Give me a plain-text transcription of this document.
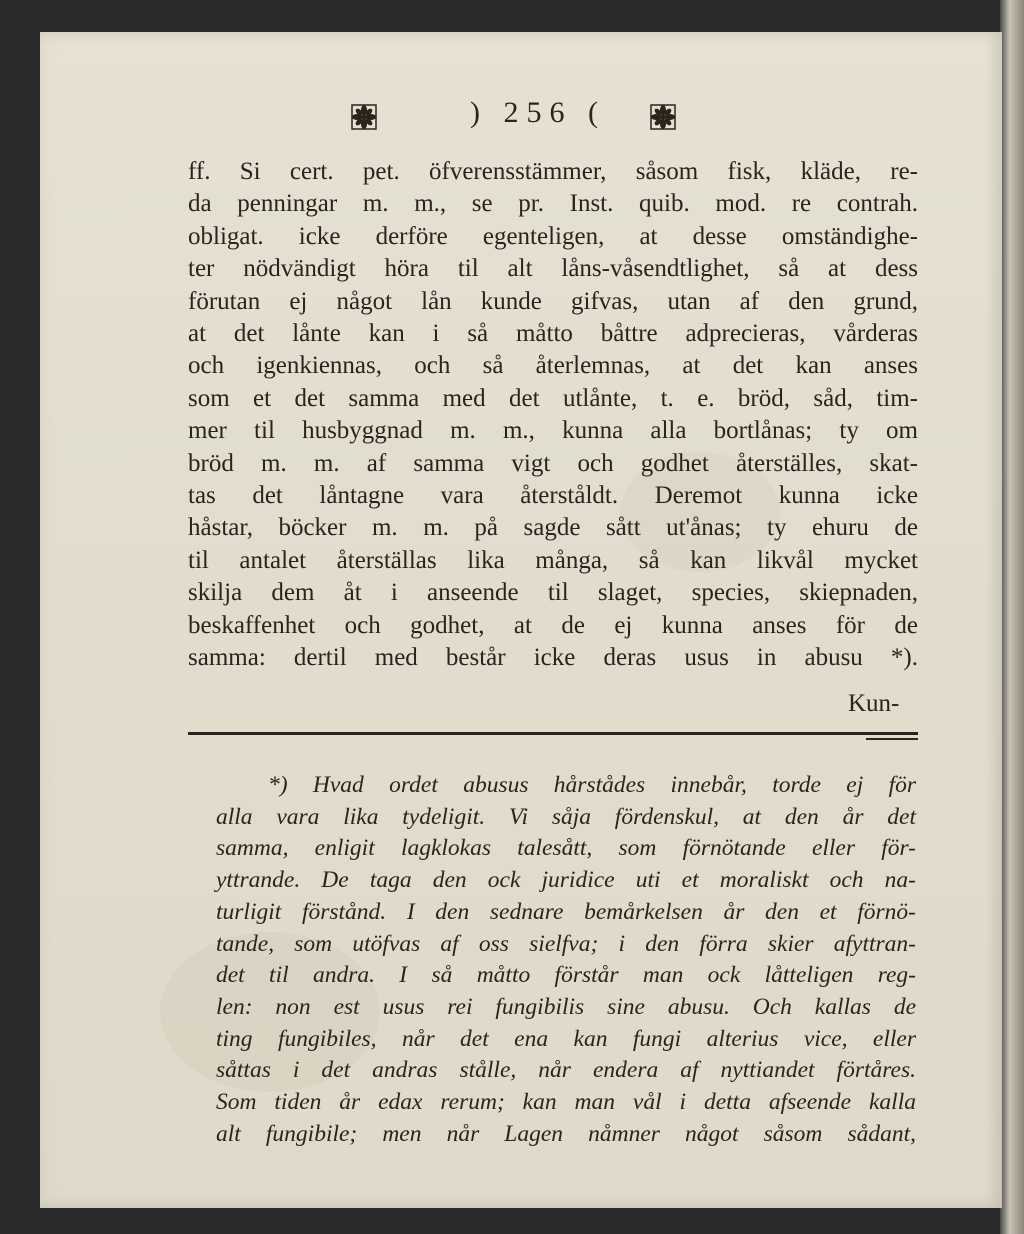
) 256 (
ff. Si cert. pet. öfverensstämmer, såsom fisk, kläde, re-
da penningar m. m., se pr. Inst. quib. mod. re contrah.
obligat. icke derföre egenteligen, at desse omständighe-
ter nödvändigt höra til alt låns-våsendtlighet, så at dess
förutan ej något lån kunde gifvas, utan af den grund,
at det lånte kan i så måtto båttre adprecieras, vårderas
och igenkiennas, och så återlemnas, at det kan anses
som et det samma med det utlånte, t. e. bröd, såd, tim-
mer til husbyggnad m. m., kunna alla bortlånas; ty om
bröd m. m. af samma vigt och godhet återställes, skat-
tas det låntagne vara återståldt. Deremot kunna icke
håstar, böcker m. m. på sagde sått ut'ånas; ty ehuru de
til antalet återställas lika många, så kan likvål mycket
skilja dem åt i anseende til slaget, species, skiepnaden,
beskaffenhet och godhet, at de ej kunna anses för de
samma: dertil med består icke deras usus in abusu *).
Kun-
*) Hvad ordet abusus hårstådes innebår, torde ej för
alla vara lika tydeligit. Vi såja fördenskul, at den år det
samma, enligit lagklokas talesått, som förnötande eller för-
yttrande. De taga den ock juridice uti et moraliskt och na-
turligit förstånd. I den sednare bemårkelsen år den et förnö-
tande, som utöfvas af oss sielfva; i den förra skier afyttran-
det til andra. I så måtto förstår man ock låtteligen reg-
len: non est usus rei fungibilis sine abusu. Och kallas de
ting fungibiles, når det ena kan fungi alterius vice, eller
såttas i det andras stålle, når endera af nyttiandet förtåres.
Som tiden år edax rerum; kan man vål i detta afseende kalla
alt fungibile; men når Lagen nåmner något såsom sådant,
